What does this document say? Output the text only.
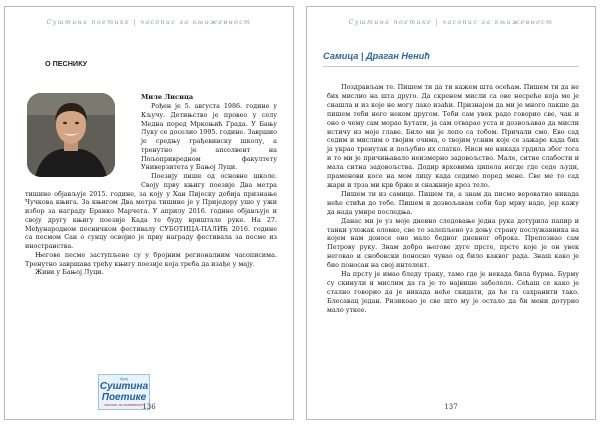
Суштина поетике | часопис за књижевност
О ПЕСНИКУ
Миле Лисица

Рођен је 5. августа 1986. године у Кључу. Детињство је провео у селу Медна поред Мркоњић Града. У Бању Луку се доселио 1995. године. Завршио је средњу грађевинску школу, а тренутно је апсолвент на Пољопривредном факултету Универзитета у Бањој Луци.

Поезију пише од основне школе. Своју прву књигу поезије Два метра тишине објављује 2015. године, за коју у Хан Пијеску добија признање Чучкова књига. За књигом Два метра тишине је у Приједору ушо у ужи избор за награду Бранко Марчета. У априлу 2016. године објављује и своју другу књигу поезије Када те буду вриштале руке. На 27. Међународном песничком фестивалу СУБОТИЦА-ПАЛИЋ 2016. године са песмом Сан о сунцу освојио је прву награду фестивала за песме из иностранства.

Његове песме заступљене су у бројним регионалним часописима. Тренутно завршава трећу књигу поезије која треба да изађе у мају.

Живи у Бањој Луци.

број
Суштина
Поетике
часопис за књижевност
136
Суштина поетике | часопис за књижевност
Самица | Драган Ненић

Поздрављам те. Пишем ти да ти кажем шта осећам. Пишем ти да не бих мислио на шта друго. Да скренем мисли са ове несреће која ме је снашла и из које не могу лако изаћи. Признајем да ми је много лакше да пишем теби него неком другом. Теби сам увек радо говорио све, чак и оно о чему сам морао ћутати, ја сам отварао уста и дозвољавао да мисли истичу из моје главе. Било ми је лепо са тобом. Причали смо. Ево сад седим и мислим о твојим очима, о твојим усним које се зажаре када бих ја украо тренутак и пољубио их слатко. Ниси ме никада грдила због тога и то ми је причињавало неизмерно задовољство. Мале, ситне слабости и мала ситна задовољства. Додир врховима ципела негде где седе људи, праменови косе на мом лицу када седимо поред мене. Све ме то сад жари и трза ми крв брже и снажније кроз тело.

Пишем ти из самице. Пишем ти, а знам да писмо вероватно никада неће стићи до тебе. Пишем и дозвољавам себи бар мрву наде, јер кажу да нада умире последња.

Данас ми је уз моје дневно следовање једна рука дотурила папир и танки уложак оловке, све то залепљено уз доњу страну послужавника на којем нам доносе оно мало бедног дневног оброка. Препознао сам Петрову руку. Знам добро његове дуге прсте, прсте које је он увек неговао и снобовски поносно чувао од било каквог рада. Знаш како је био поносан на свој интелект.

На прсту је имао бледу траку, тамо где је некада била бурма. Бурму су скинули и мислим да га је то највише заболело. Сећаш се како је стално говорио да је никада неће скидати, да ће га сахранити тако. Блесавац један. Ризикоао је све што му је остало да би мени дотурио мало уткее.

137
